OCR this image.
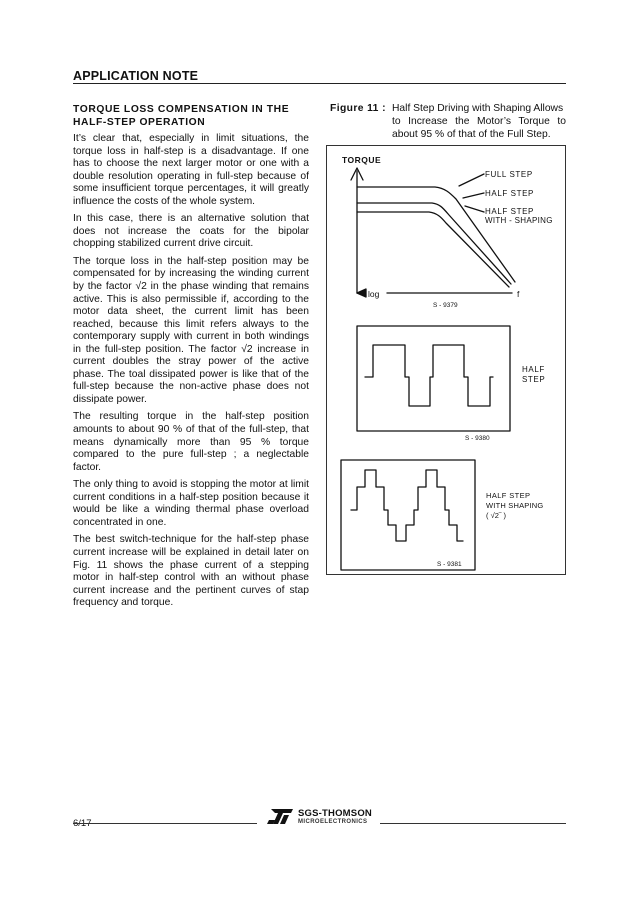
APPLICATION NOTE
TORQUE LOSS COMPENSATION IN THE
HALF-STEP OPERATION

It’s clear that, especially in limit situations, the torque loss in half-step is a disadvantage. If one has to choose the next larger motor or one with a double resolution operating in full-step because of some insufficient torque percentages, it will greatly influence the costs of the whole system.

In this case, there is an alternative solution that does not increase the coats for the bipolar chopping stabilized current drive circuit.

The torque loss in the half-step position may be compensated for by increasing the winding current by the factor √2 in the phase winding that remains active. This is also permissible if, according to the motor data sheet, the current limit has been reached, because this limit refers always to the contemporary supply with current in both windings in the full-step position. The factor √2 increase in current doubles the stray power of the active phase. The toal dissipated power is like that of the full-step because the non-active phase does not dissipate power.

The resulting torque in the half-step position amounts to about 90 % of that of the full-step, that means dynamically more than 95 % torque compared to the pure full-step ; a neglectable factor.

The only thing to avoid is stopping the motor at limit current conditions in a half-step position because it would be like a winding thermal phase overload concentrated in one.

The best switch-technique for the half-step phase current increase will be explained in detail later on Fig. 11 shows the phase current of a stepping motor in half-step control with an without phase current increase and the pertinent curves of stap frequency and torque.

Figure 11 : Half Step Driving with Shaping Allows
to Increase the Motor’s Torque to
about 95 % of that of the Full Step.
TORQUE
log	f
FULL STEP
HALF STEP
HALF STEP
WITH - SHAPING
S - 9379
HALF
STEP
S - 9380
HALF STEP
WITH SHAPING
( √2‾ )
S - 9381
6/17
SGS-THOMSON
MICROELECTRONICS
